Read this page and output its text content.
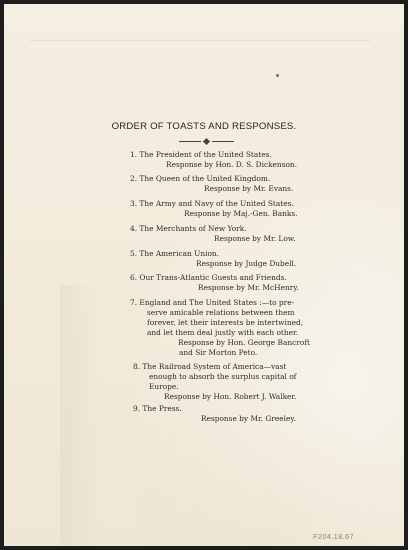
ORDER OF TOASTS AND RESPONSES.
1. The President of the United States.
Response by Hon. D. S. Dickenson.
2. The Queen of the United Kingdom.
Response by Mr. Evans.
3. The Army and Navy of the United States.
Response by Maj.-Gen. Banks.
4. The Merchants of New York.
Response by Mr. Low.
5. The American Union.
Response by Judge Dubell.
6. Our Trans-Atlantic Guests and Friends.
Response by Mr. McHenry.
7. England and The United States :—to pre-
serve amicable relations between them
forever, let their interests be intertwined,
and let them deal justly with each other.
Response by Hon. George Bancroft
and Sir Morton Peto.
8. The Railroad System of America—vast
enough to absorb the surplus capital of
Europe.
Response by Hon. Robert J. Walker.
9. The Press.
Response by Mr. Greeley.
F204.18.67
